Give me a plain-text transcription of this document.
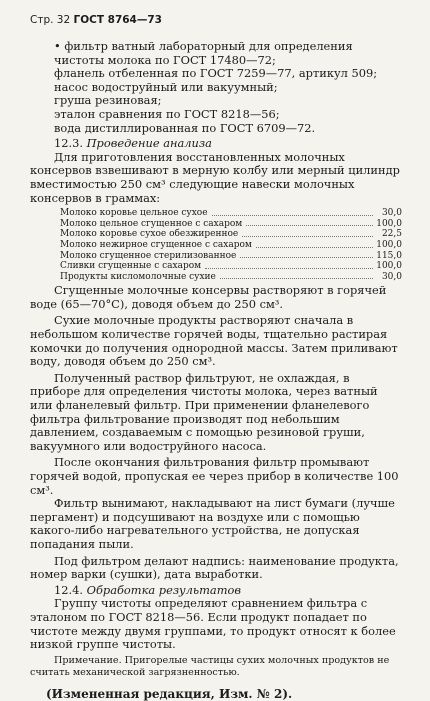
Стр. 32 ГОСТ 8764—73
• фильтр ватный лабораторный для определения чистоты молока по ГОСТ 17480—72;
фланель отбеленная по ГОСТ 7259—77, артикул 509;
насос водоструйный или вакуумный;
груша резиновая;
эталон сравнения по ГОСТ 8218—56;
вода дистиллированная по ГОСТ 6709—72.

12.3. Проведение анализа

Для приготовления восстановленных молочных консервов взвешивают в мерную колбу или мерный цилиндр вместимостью 250 см³ следующие навески молочных консервов в граммах:

Молоко коровье цельное сухое	30,0
Молоко цельное сгущенное с сахаром	100,0
Молоко коровье сухое обезжиренное	22,5
Молоко нежирное сгущенное с сахаром	100,0
Молоко сгущенное стерилизованное	115,0
Сливки сгущенные с сахаром	100,0
Продукты кисломолочные сухие	30,0

Сгущенные молочные консервы растворяют в горячей воде (65—70°С), доводя объем до 250 см³.

Сухие молочные продукты растворяют сначала в небольшом количестве горячей воды, тщательно растирая комочки до получения однородной массы. Затем приливают воду, доводя объем до 250 см³.

Полученный раствор фильтруют, не охлаждая, в приборе для определения чистоты молока, через ватный или фланелевый фильтр. При применении фланелевого фильтра фильтрование производят под небольшим давлением, создаваемым с помощью резиновой груши, вакуумного или водоструйного насоса.

После окончания фильтрования фильтр промывают горячей водой, пропуская ее через прибор в количестве 100 см³.

Фильтр вынимают, накладывают на лист бумаги (лучше пергамент) и подсушивают на воздухе или с помощью какого-либо нагревательного устройства, не допуская попадания пыли.

Под фильтром делают надпись: наименование продукта, номер варки (сушки), дата выработки.

12.4. Обработка результатов

Группу чистоты определяют сравнением фильтра с эталоном по ГОСТ 8218—56. Если продукт попадает по чистоте между двумя группами, то продукт относят к более низкой группе чистоты.

Примечание. Пригорелые частицы сухих молочных продуктов не считать механической загрязненностью.

(Измененная редакция, Изм. № 2).
